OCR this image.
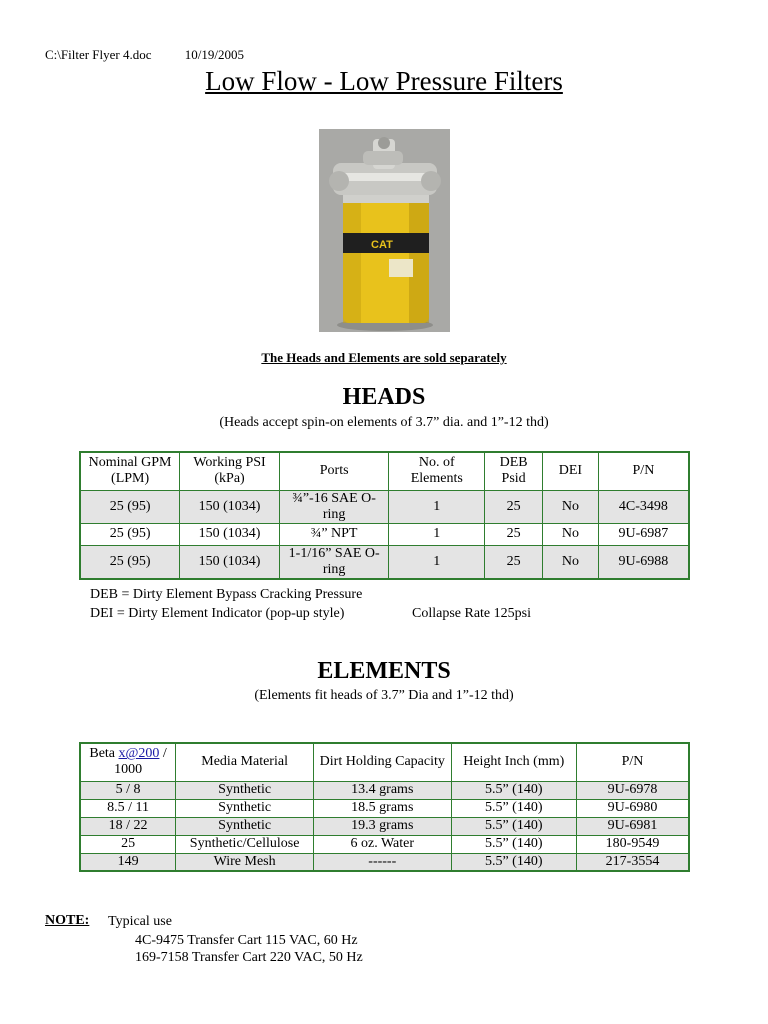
C:\Filter Flyer 4.doc	10/19/2005
Low Flow - Low Pressure Filters
CAT
The Heads and Elements are sold separately
HEADS
(Heads accept spin-on elements of 3.7” dia. and 1”-12 thd)
Nominal GPM (LPM)	Working PSI (kPa)	Ports	No. of Elements	DEB Psid	DEI	P/N
25 (95)	150 (1034)	¾”-16 SAE O-ring	1	25	No	4C-3498
25 (95)	150 (1034)	¾” NPT	1	25	No	9U-6987
25 (95)	150 (1034)	1-1/16” SAE O-ring	1	25	No	9U-6988
DEB = Dirty Element Bypass Cracking Pressure
DEI = Dirty Element Indicator (pop-up style)	Collapse Rate 125psi
ELEMENTS
(Elements fit heads of 3.7” Dia and 1”-12 thd)
Beta x@200 / 1000	Media Material	Dirt Holding Capacity	Height Inch (mm)	P/N
5 / 8	Synthetic	13.4 grams	5.5” (140)	9U-6978
8.5 / 11	Synthetic	18.5 grams	5.5” (140)	9U-6980
18 / 22	Synthetic	19.3 grams	5.5” (140)	9U-6981
25	Synthetic/Cellulose	6 oz. Water	5.5” (140)	180-9549
149	Wire Mesh	------	5.5” (140)	217-3554
NOTE: Typical use
4C-9475 Transfer Cart 115 VAC, 60 Hz
169-7158 Transfer Cart 220 VAC, 50 Hz
